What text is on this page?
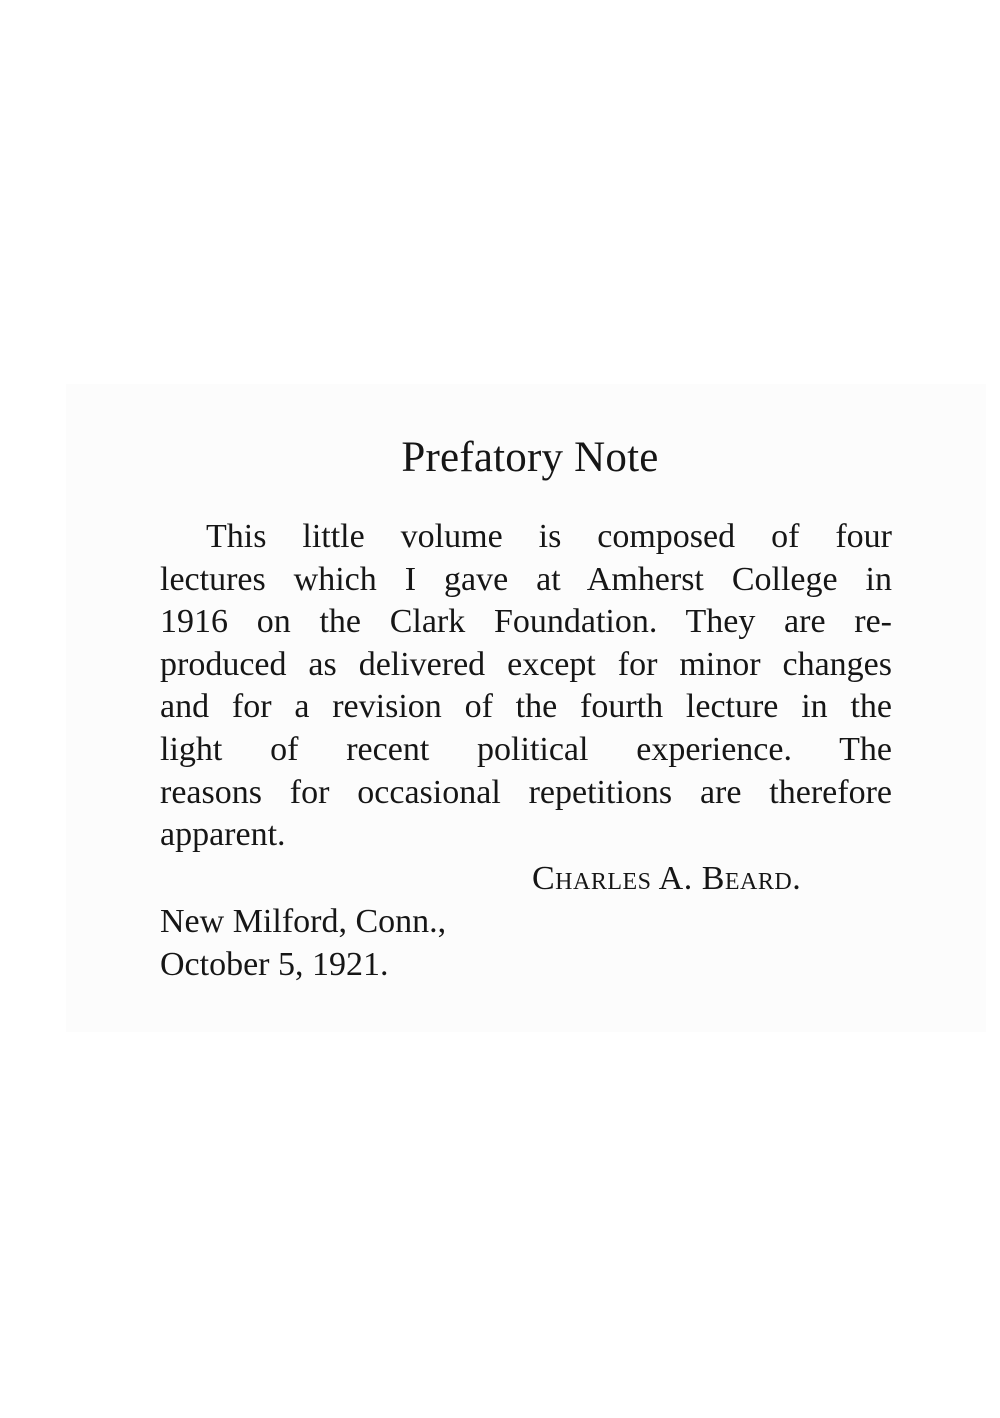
Prefatory Note
This little volume is composed of four
lectures which I gave at Amherst College in
1916 on the Clark Foundation. They are re-
produced as delivered except for minor changes
and for a revision of the fourth lecture in the
light of recent political experience. The
reasons for occasional repetitions are therefore
apparent.
Charles A. Beard.
New Milford, Conn.,
October 5, 1921.
